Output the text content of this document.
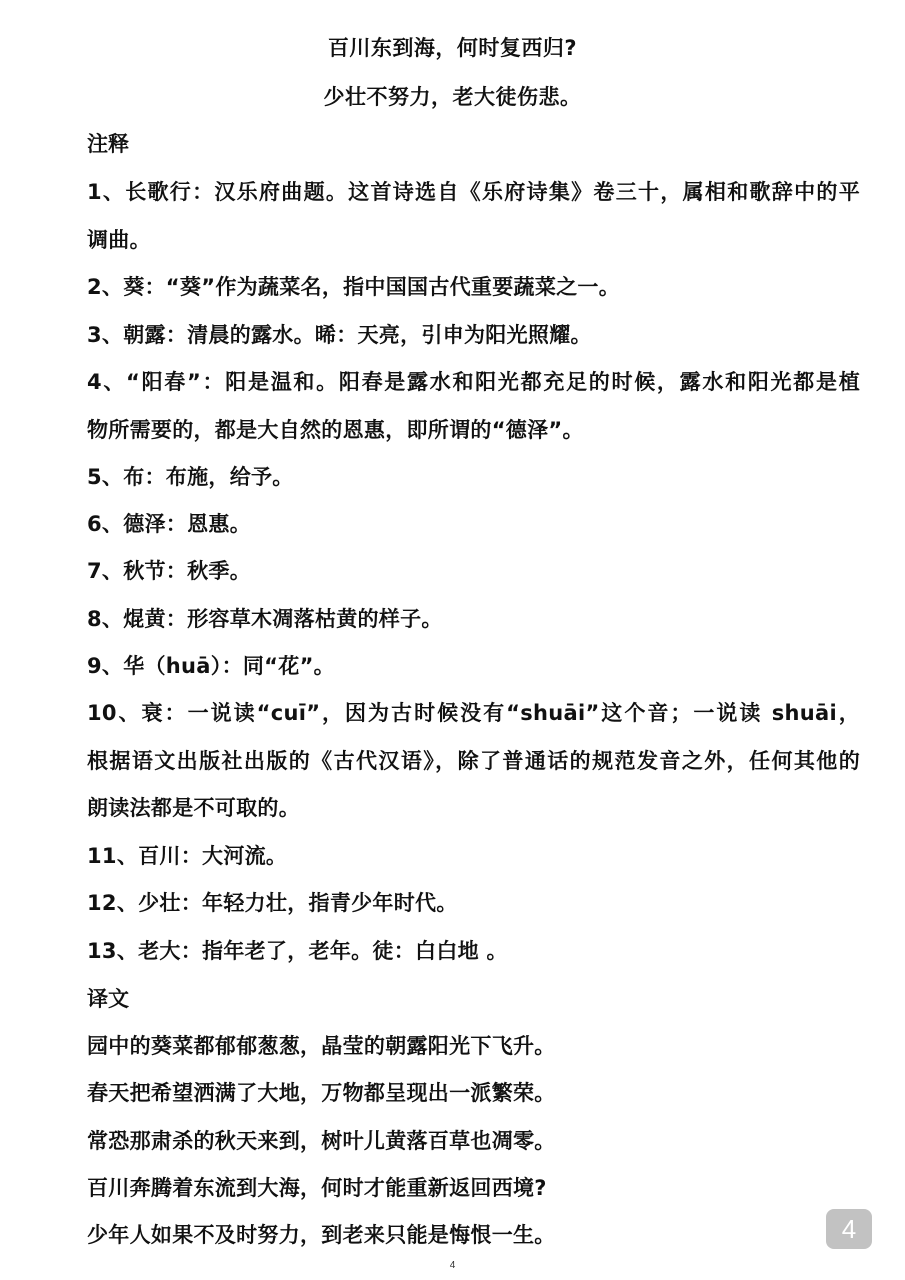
百川东到海，何时复西归?
少壮不努力，老大徒伤悲。
注释
1、长歌行：汉乐府曲题。这首诗选自《乐府诗集》卷三十，属相和歌辞中的平
调曲。
2、葵：“葵”作为蔬菜名，指中国国古代重要蔬菜之一。
3、朝露：清晨的露水。晞：天亮，引申为阳光照耀。
4、“阳春”：阳是温和。阳春是露水和阳光都充足的时候，露水和阳光都是植
物所需要的，都是大自然的恩惠，即所谓的“德泽”。
5、布：布施，给予。
6、德泽：恩惠。
7、秋节：秋季。
8、焜黄：形容草木凋落枯黄的样子。
9、华（huā）：同“花”。
10、衰：一说读“cuī”，因为古时候没有“shuāi”这个音；一说读 shuāi，
根据语文出版社出版的《古代汉语》，除了普通话的规范发音之外，任何其他的
朗读法都是不可取的。
11、百川：大河流。
12、少壮：年轻力壮，指青少年时代。
13、老大：指年老了，老年。徒：白白地 。
译文
园中的葵菜都郁郁葱葱，晶莹的朝露阳光下飞升。
春天把希望洒满了大地，万物都呈现出一派繁荣。
常恐那肃杀的秋天来到，树叶儿黄落百草也凋零。
百川奔腾着东流到大海，何时才能重新返回西境?
少年人如果不及时努力，到老来只能是悔恨一生。	4
4
